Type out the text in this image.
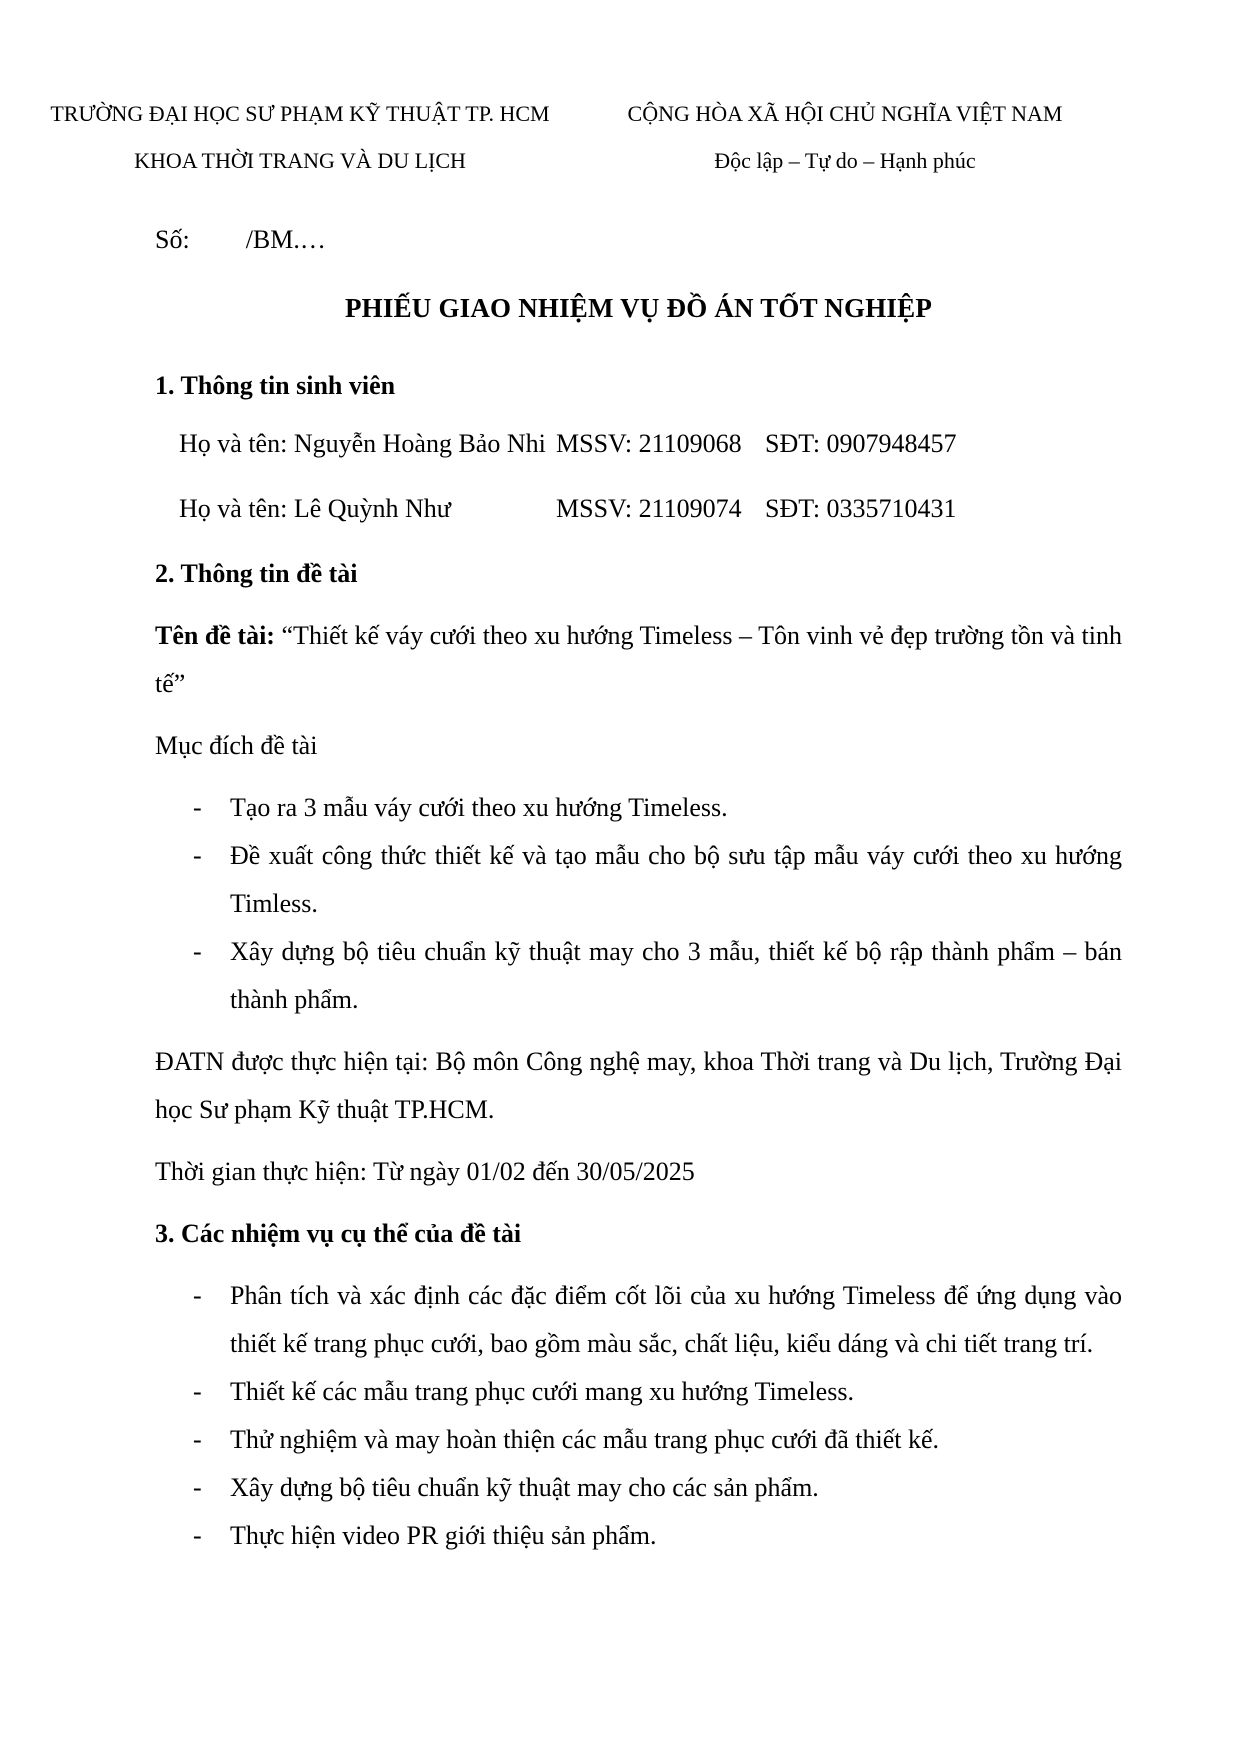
TRƯỜNG ĐẠI HỌC SƯ PHẠM KỸ THUẬT TP. HCM
KHOA THỜI TRANG VÀ DU LỊCH
CỘNG HÒA XÃ HỘI CHỦ NGHĨA VIỆT NAM
Độc lập – Tự do – Hạnh phúc
Số: /BM.…
PHIẾU GIAO NHIỆM VỤ ĐỒ ÁN TỐT NGHIỆP
1. Thông tin sinh viên
Họ và tên: Nguyễn Hoàng Bảo Nhi MSSV: 21109068 SĐT: 0907948457
Họ và tên: Lê Quỳnh Như	MSSV: 21109074 SĐT: 0335710431
2. Thông tin đề tài
Tên đề tài: “Thiết kế váy cưới theo xu hướng Timeless – Tôn vinh vẻ đẹp trường tồn và tinh tế”
Mục đích đề tài
- Tạo ra 3 mẫu váy cưới theo xu hướng Timeless.
- Đề xuất công thức thiết kế và tạo mẫu cho bộ sưu tập mẫu váy cưới theo xu hướng Timless.
- Xây dựng bộ tiêu chuẩn kỹ thuật may cho 3 mẫu, thiết kế bộ rập thành phẩm – bán thành phẩm.
ĐATN được thực hiện tại: Bộ môn Công nghệ may, khoa Thời trang và Du lịch, Trường Đại học Sư phạm Kỹ thuật TP.HCM.
Thời gian thực hiện: Từ ngày 01/02 đến 30/05/2025
3. Các nhiệm vụ cụ thể của đề tài
- Phân tích và xác định các đặc điểm cốt lõi của xu hướng Timeless để ứng dụng vào thiết kế trang phục cưới, bao gồm màu sắc, chất liệu, kiểu dáng và chi tiết trang trí.
- Thiết kế các mẫu trang phục cưới mang xu hướng Timeless.
- Thử nghiệm và may hoàn thiện các mẫu trang phục cưới đã thiết kế.
- Xây dựng bộ tiêu chuẩn kỹ thuật may cho các sản phẩm.
- Thực hiện video PR giới thiệu sản phẩm.
